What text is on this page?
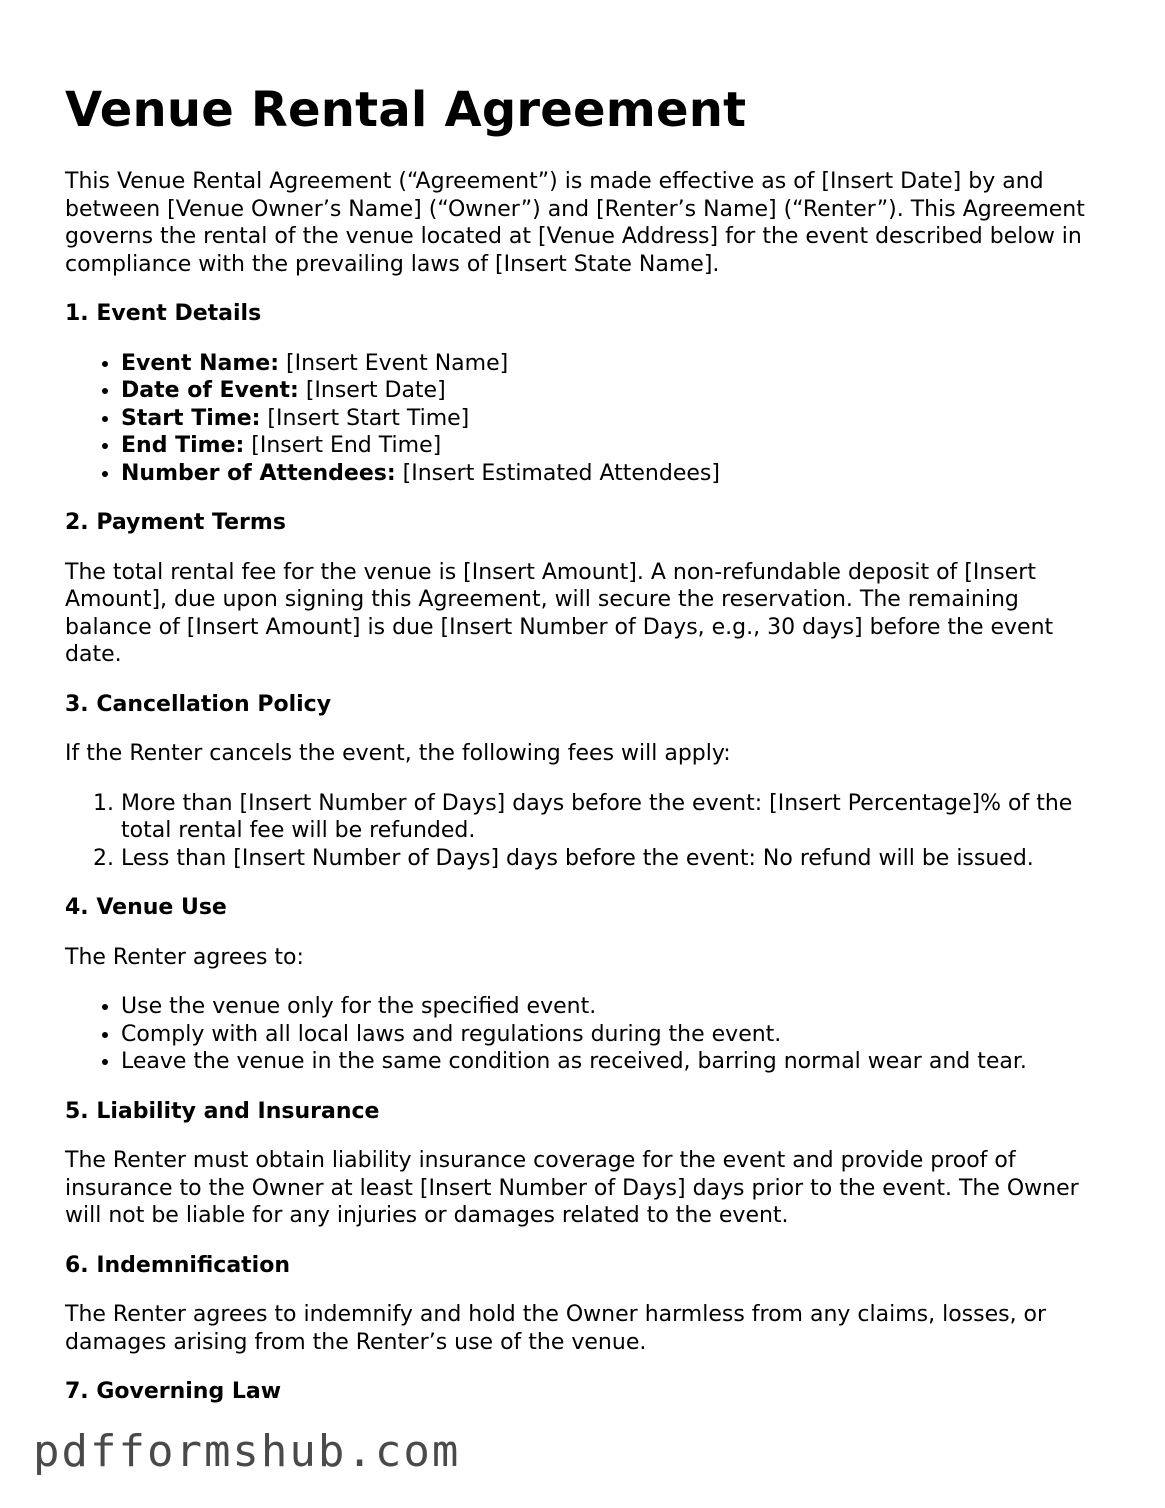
Venue Rental Agreement

This Venue Rental Agreement (“Agreement”) is made effective as of [Insert Date] by and between [Venue Owner’s Name] (“Owner”) and [Renter’s Name] (“Renter”). This Agreement governs the rental of the venue located at [Venue Address] for the event described below in compliance with the prevailing laws of [Insert State Name].

1. Event Details
• Event Name: [Insert Event Name]
• Date of Event: [Insert Date]
• Start Time: [Insert Start Time]
• End Time: [Insert End Time]
• Number of Attendees: [Insert Estimated Attendees]
2. Payment Terms

The total rental fee for the venue is [Insert Amount]. A non-refundable deposit of [Insert Amount], due upon signing this Agreement, will secure the reservation. The remaining balance of [Insert Amount] is due [Insert Number of Days, e.g., 30 days] before the event date.

3. Cancellation Policy

If the Renter cancels the event, the following fees will apply:

1. More than [Insert Number of Days] days before the event: [Insert Percentage]% of the total rental fee will be refunded.
2. Less than [Insert Number of Days] days before the event: No refund will be issued.
4. Venue Use

The Renter agrees to:

• Use the venue only for the specified event.
• Comply with all local laws and regulations during the event.
• Leave the venue in the same condition as received, barring normal wear and tear.
5. Liability and Insurance

The Renter must obtain liability insurance coverage for the event and provide proof of insurance to the Owner at least [Insert Number of Days] days prior to the event. The Owner will not be liable for any injuries or damages related to the event.

6. Indemnification

The Renter agrees to indemnify and hold the Owner harmless from any claims, losses, or damages arising from the Renter’s use of the venue.

7. Governing Law
pdfformshub.com
